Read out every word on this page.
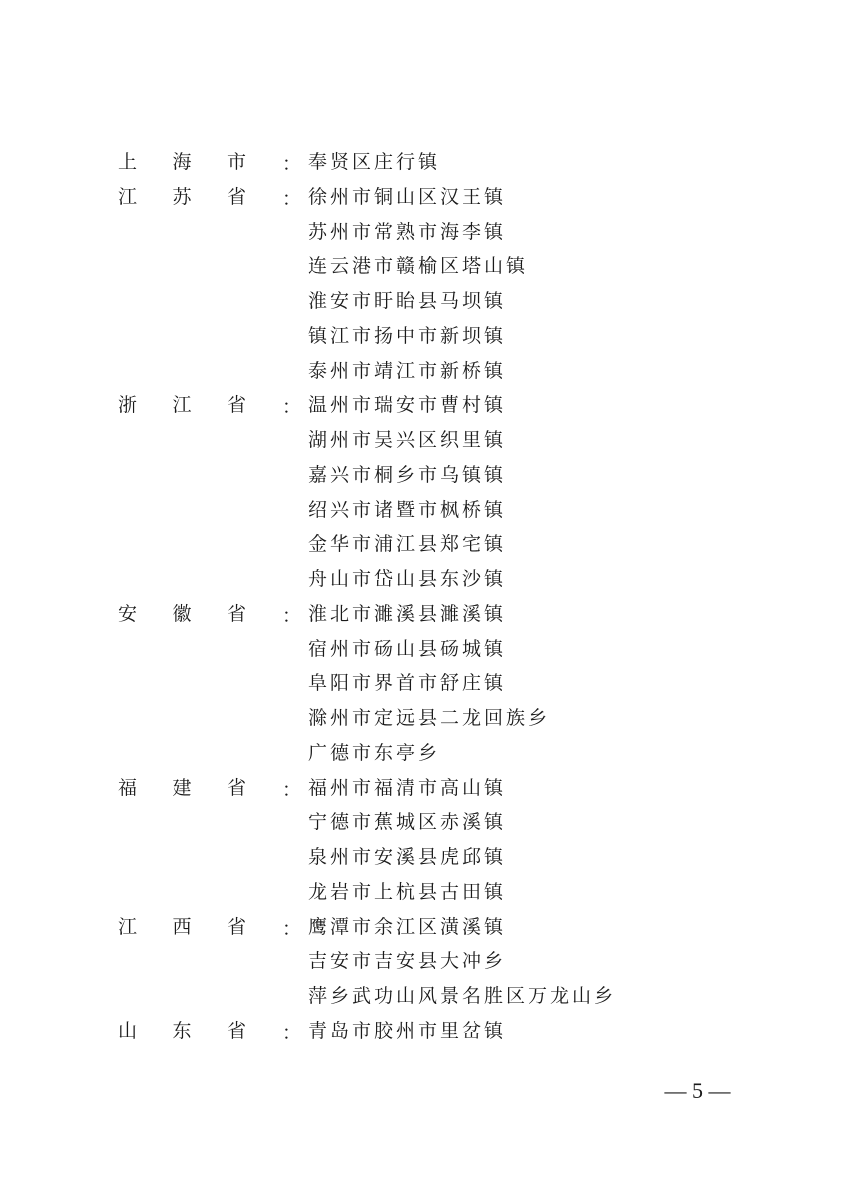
上 海 市 ： 奉贤区庄行镇
江 苏 省 ： 徐州市铜山区汉王镇
苏州市常熟市海李镇
连云港市赣榆区塔山镇
淮安市盱眙县马坝镇
镇江市扬中市新坝镇
泰州市靖江市新桥镇
浙 江 省 ： 温州市瑞安市曹村镇
湖州市吴兴区织里镇
嘉兴市桐乡市乌镇镇
绍兴市诸暨市枫桥镇
金华市浦江县郑宅镇
舟山市岱山县东沙镇
安 徽 省 ： 淮北市濉溪县濉溪镇
宿州市砀山县砀城镇
阜阳市界首市舒庄镇
滁州市定远县二龙回族乡
广德市东亭乡
福 建 省 ： 福州市福清市高山镇
宁德市蕉城区赤溪镇
泉州市安溪县虎邱镇
龙岩市上杭县古田镇
江 西 省 ： 鹰潭市余江区潢溪镇
吉安市吉安县大冲乡
萍乡武功山风景名胜区万龙山乡
山 东 省 ： 青岛市胶州市里岔镇
— 5 —
